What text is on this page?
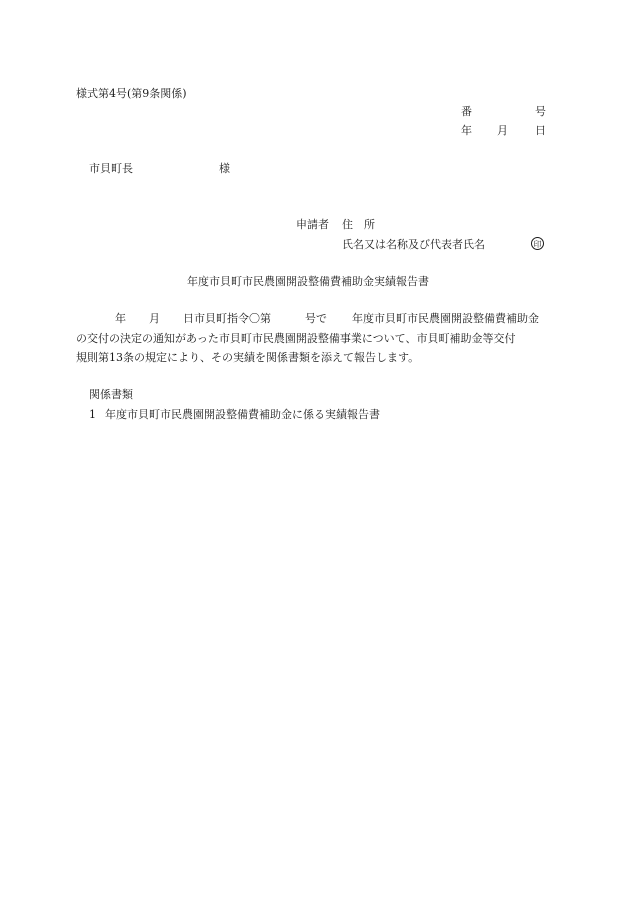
様式第4号(第9条関係)
番	号
年 月 日
市貝町長	様
申請者 住　所
氏名又は名称及び代表者氏名	印
年度市貝町市民農園開設整備費補助金実績報告書
年 月 日市貝町指令〇第	号で 年度市貝町市民農園開設整備費補助金
の交付の決定の通知があった市貝町市民農園開設整備事業について、市貝町補助金等交付
規則第13条の規定により、その実績を関係書類を添えて報告します。
関係書類
1 年度市貝町市民農園開設整備費補助金に係る実績報告書
